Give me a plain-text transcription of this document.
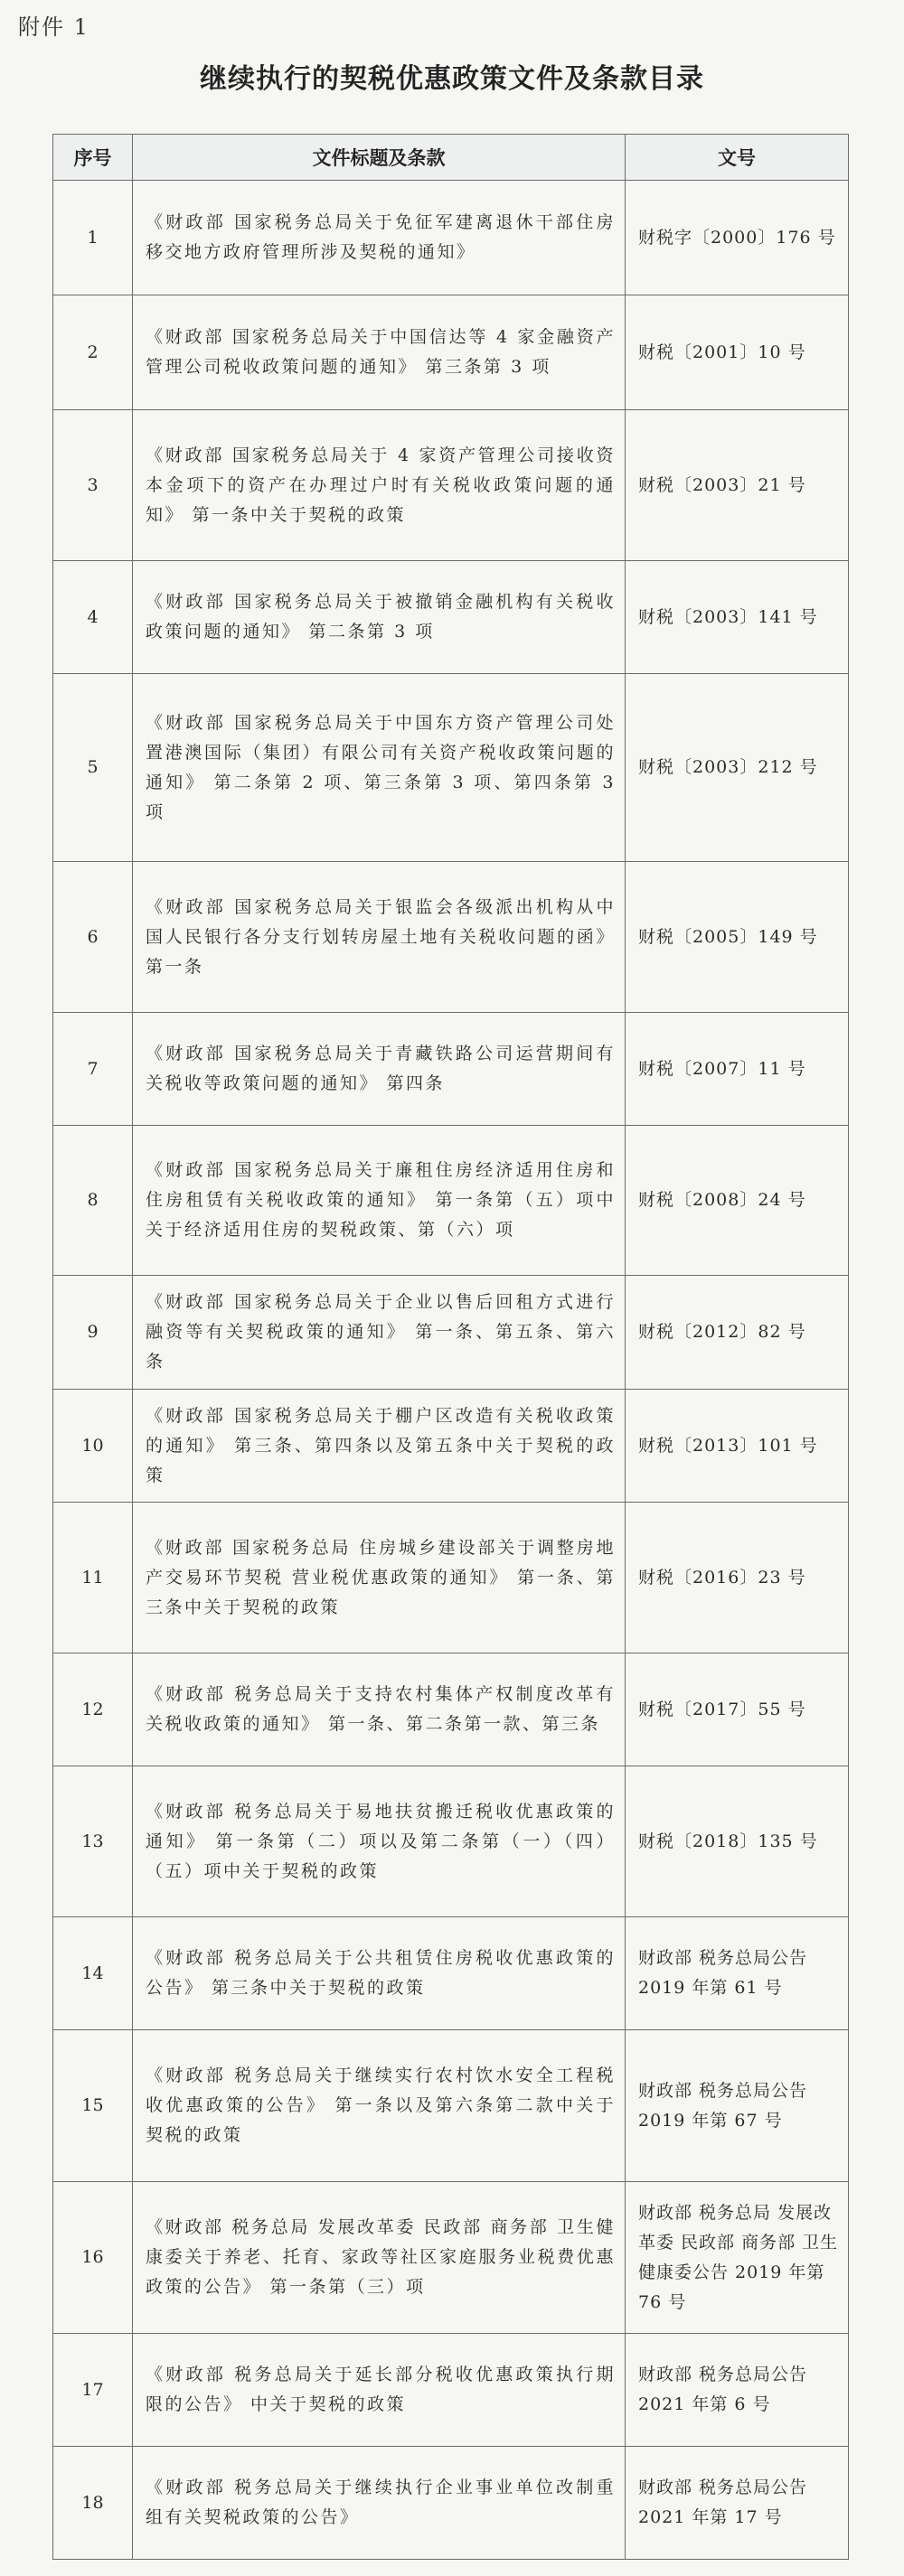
附件 1
继续执行的契税优惠政策文件及条款目录
序号	文件标题及条款	文号
1	《财政部 国家税务总局关于免征军建离退休干部住房移交地方政府管理所涉及契税的通知》	财税字〔2000〕176 号
2	《财政部 国家税务总局关于中国信达等 4 家金融资产管理公司税收政策问题的通知》 第三条第 3 项	财税〔2001〕10 号
3	《财政部 国家税务总局关于 4 家资产管理公司接收资本金项下的资产在办理过户时有关税收政策问题的通知》 第一条中关于契税的政策	财税〔2003〕21 号
4	《财政部 国家税务总局关于被撤销金融机构有关税收政策问题的通知》 第二条第 3 项	财税〔2003〕141 号
5	《财政部 国家税务总局关于中国东方资产管理公司处置港澳国际（集团）有限公司有关资产税收政策问题的通知》 第二条第 2 项、第三条第 3 项、第四条第 3 项	财税〔2003〕212 号
6	《财政部 国家税务总局关于银监会各级派出机构从中国人民银行各分支行划转房屋土地有关税收问题的函》 第一条	财税〔2005〕149 号
7	《财政部 国家税务总局关于青藏铁路公司运营期间有关税收等政策问题的通知》 第四条	财税〔2007〕11 号
8	《财政部 国家税务总局关于廉租住房经济适用住房和住房租赁有关税收政策的通知》 第一条第（五）项中关于经济适用住房的契税政策、第（六）项	财税〔2008〕24 号
9	《财政部 国家税务总局关于企业以售后回租方式进行融资等有关契税政策的通知》 第一条、第五条、第六条	财税〔2012〕82 号
10	《财政部 国家税务总局关于棚户区改造有关税收政策的通知》 第三条、第四条以及第五条中关于契税的政策	财税〔2013〕101 号
11	《财政部 国家税务总局 住房城乡建设部关于调整房地产交易环节契税 营业税优惠政策的通知》 第一条、第三条中关于契税的政策	财税〔2016〕23 号
12	《财政部 税务总局关于支持农村集体产权制度改革有关税收政策的通知》 第一条、第二条第一款、第三条	财税〔2017〕55 号
13	《财政部 税务总局关于易地扶贫搬迁税收优惠政策的通知》 第一条第（二）项以及第二条第（一）（四）（五）项中关于契税的政策	财税〔2018〕135 号
14	《财政部 税务总局关于公共租赁住房税收优惠政策的公告》 第三条中关于契税的政策	财政部 税务总局公告 2019 年第 61 号
15	《财政部 税务总局关于继续实行农村饮水安全工程税收优惠政策的公告》 第一条以及第六条第二款中关于契税的政策	财政部 税务总局公告 2019 年第 67 号
16	《财政部 税务总局 发展改革委 民政部 商务部 卫生健康委关于养老、托育、家政等社区家庭服务业税费优惠政策的公告》 第一条第（三）项	财政部 税务总局 发展改革委 民政部 商务部 卫生健康委公告 2019 年第 76 号
17	《财政部 税务总局关于延长部分税收优惠政策执行期限的公告》 中关于契税的政策	财政部 税务总局公告 2021 年第 6 号
18	《财政部 税务总局关于继续执行企业事业单位改制重组有关契税政策的公告》	财政部 税务总局公告 2021 年第 17 号
